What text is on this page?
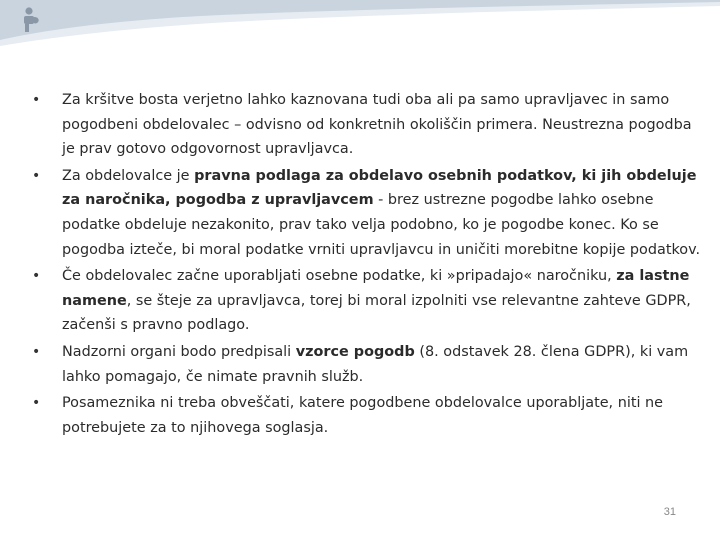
• Za kršitve bosta verjetno lahko kaznovana tudi oba ali pa samo upravljavec in samo pogodbeni obdelovalec – odvisno od konkretnih okoliščin primera. Neustrezna pogodba je prav gotovo odgovornost upravljavca.
• Za obdelovalce je pravna podlaga za obdelavo osebnih podatkov, ki jih obdeluje za naročnika, pogodba z upravljavcem - brez ustrezne pogodbe lahko osebne podatke obdeluje nezakonito, prav tako velja podobno, ko je pogodbe konec. Ko se pogodba izteče, bi moral podatke vrniti upravljavcu in uničiti morebitne kopije podatkov.
• Če obdelovalec začne uporabljati osebne podatke, ki »pripadajo« naročniku, za lastne namene, se šteje za upravljavca, torej bi moral izpolniti vse relevantne zahteve GDPR, začenši s pravno podlago.
• Nadzorni organi bodo predpisali vzorce pogodb (8. odstavek 28. člena GDPR), ki vam lahko pomagajo, če nimate pravnih služb.
• Posameznika ni treba obveščati, katere pogodbene obdelovalce uporabljate, niti ne potrebujete za to njihovega soglasja.
31
